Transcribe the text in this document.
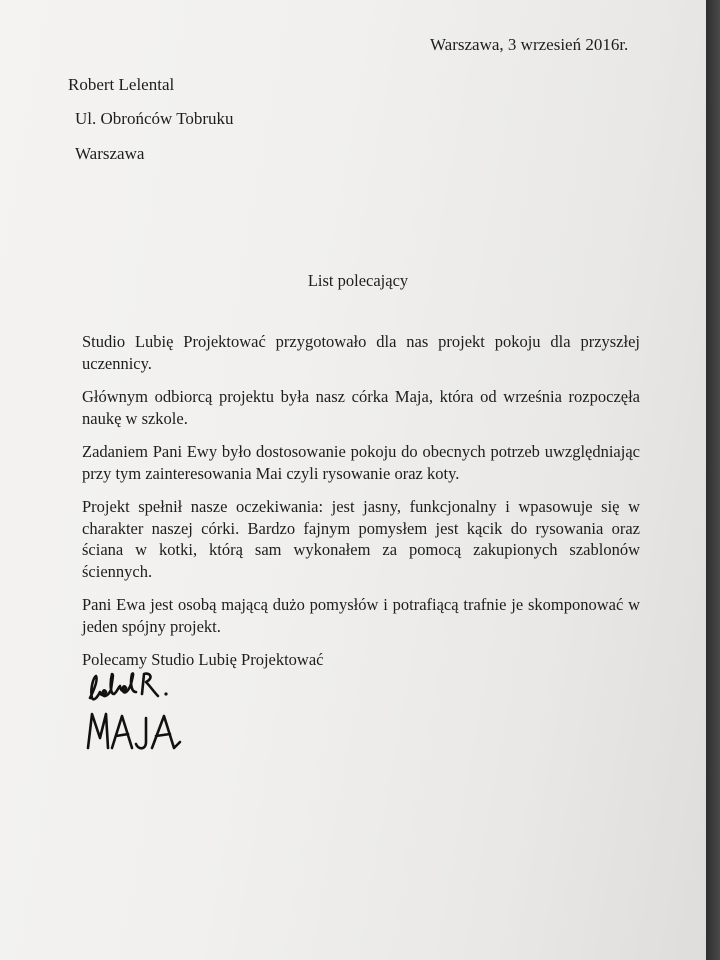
Warszawa, 3 wrzesień 2016r.

Robert Lelental

Ul. Obrońców Tobruku

Warszawa

List polecający

Studio Lubię Projektować przygotowało dla nas projekt pokoju dla przyszłej uczennicy.

Głównym odbiorcą projektu była nasz córka Maja, która od września rozpoczęła naukę w szkole.

Zadaniem Pani Ewy było dostosowanie pokoju do obecnych potrzeb uwzględniając przy tym zainteresowania Mai czyli rysowanie oraz koty.

Projekt spełnił nasze oczekiwania: jest jasny, funkcjonalny i wpasowuje się w charakter naszej córki. Bardzo fajnym pomysłem jest kącik do rysowania oraz ściana w kotki, którą sam wykonałem za pomocą zakupionych szablonów ściennych.

Pani Ewa jest osobą mającą dużo pomysłów i potrafiącą trafnie je skomponować w jeden spójny projekt.

Polecamy Studio Lubię Projektować
